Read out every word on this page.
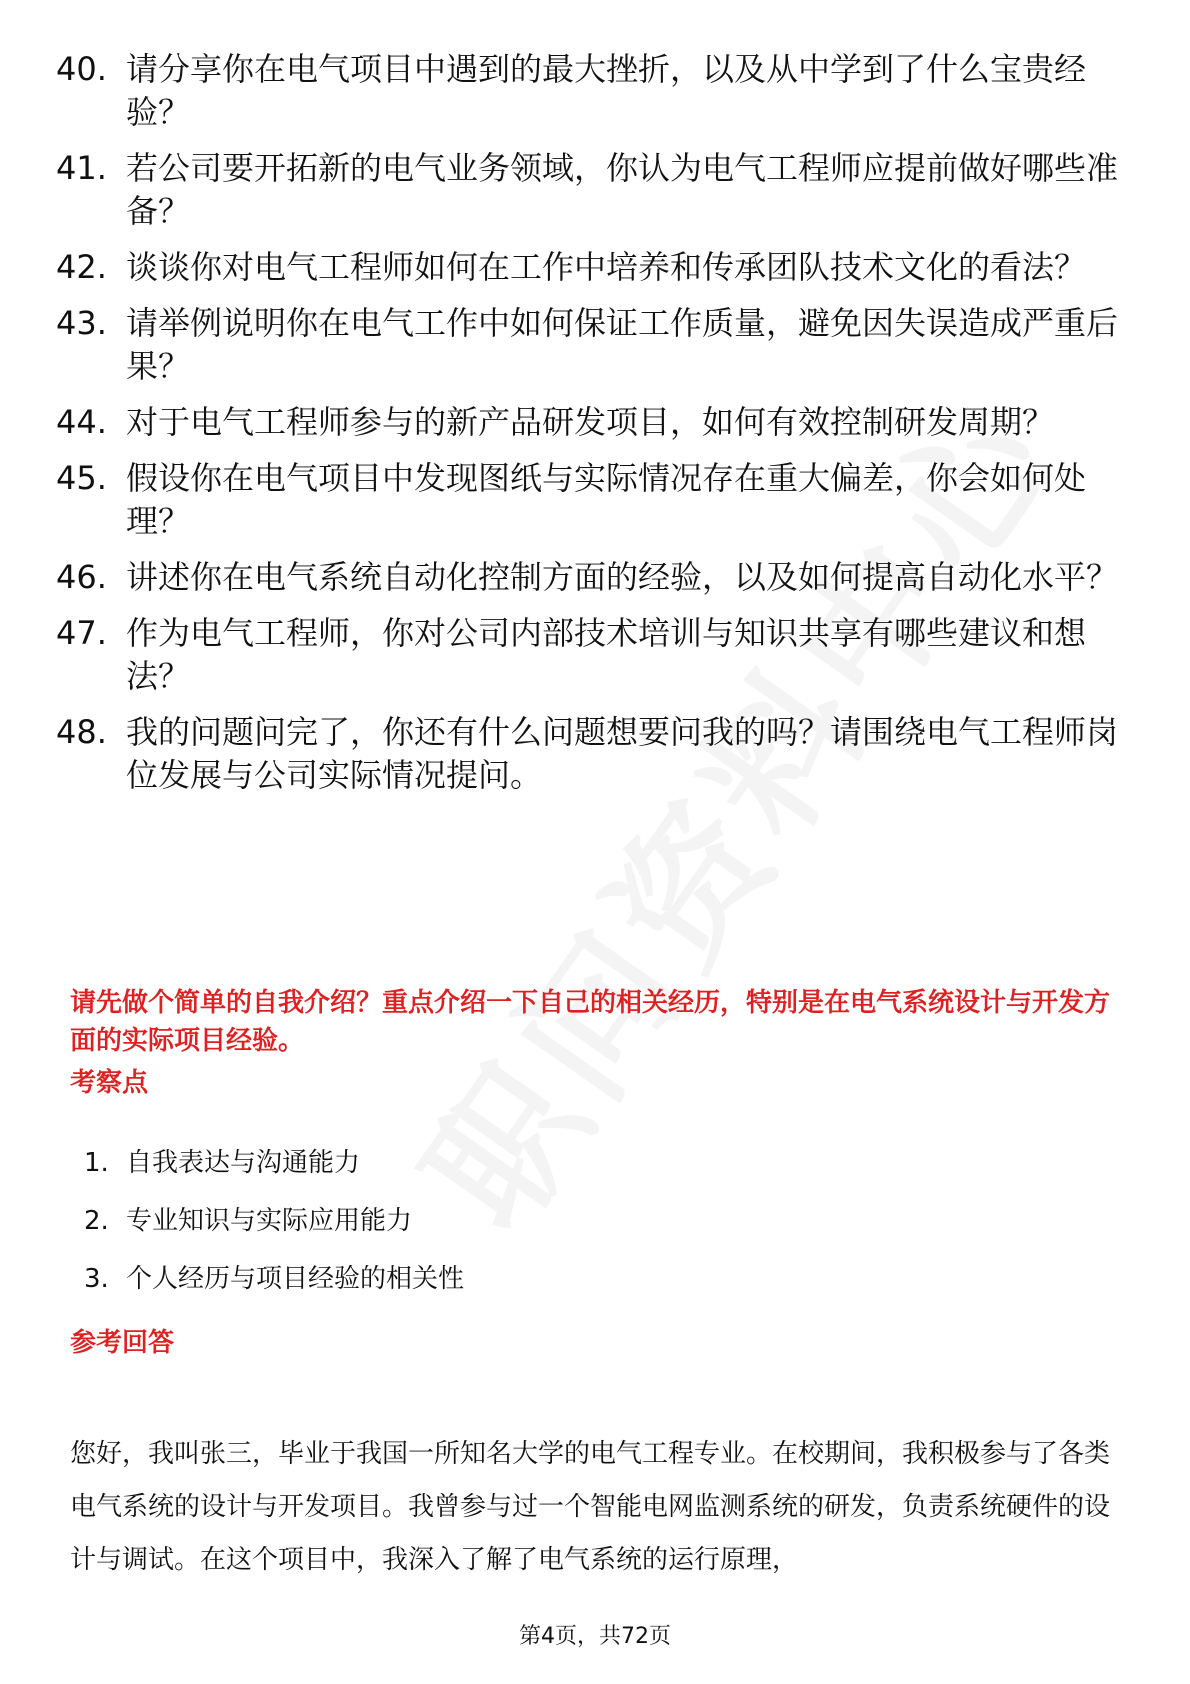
40. 请分享你在电气项目中遇到的最大挫折，以及从中学到了什么宝贵经验？
41. 若公司要开拓新的电气业务领域，你认为电气工程师应提前做好哪些准备？
42. 谈谈你对电气工程师如何在工作中培养和传承团队技术文化的看法？
43. 请举例说明你在电气工作中如何保证工作质量，避免因失误造成严重后果？
44. 对于电气工程师参与的新产品研发项目，如何有效控制研发周期？
45. 假设你在电气项目中发现图纸与实际情况存在重大偏差，你会如何处理？
46. 讲述你在电气系统自动化控制方面的经验，以及如何提高自动化水平？
47. 作为电气工程师，你对公司内部技术培训与知识共享有哪些建议和想法？
48. 我的问题问完了，你还有什么问题想要问我的吗？请围绕电气工程师岗位发展与公司实际情况提问。
请先做个简单的自我介绍？重点介绍一下自己的相关经历，特别是在电气系统设计与开发方面的实际项目经验。
考察点
1. 自我表达与沟通能力
2. 专业知识与实际应用能力
3. 个人经历与项目经验的相关性
参考回答
您好，我叫张三，毕业于我国一所知名大学的电气工程专业。在校期间，我积极参与了各类电气系统的设计与开发项目。我曾参与过一个智能电网监测系统的研发，负责系统硬件的设计与调试。在这个项目中，我深入了解了电气系统的运行原理，
第4页，共72页
